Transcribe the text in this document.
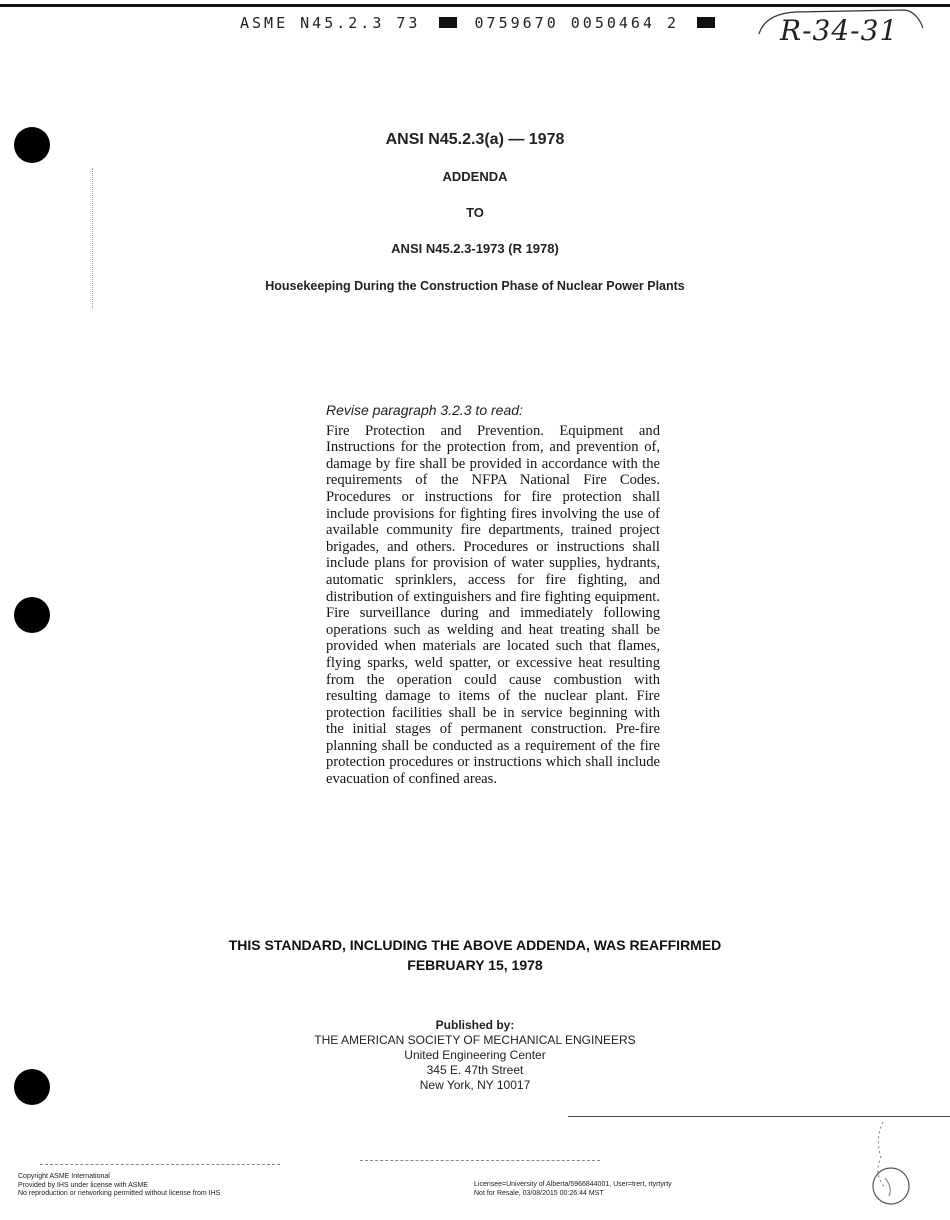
ASME N45.2.3 73	0759670 0050464 2	R-34-31
ANSI N45.2.3(a) — 1978
ADDENDA
TO
ANSI N45.2.3-1973 (R 1978)
Housekeeping During the Construction Phase of Nuclear Power Plants
Revise paragraph 3.2.3 to read:
Fire Protection and Prevention. Equipment and Instructions for the protection from, and prevention of, damage by fire shall be provided in accordance with the requirements of the NFPA National Fire Codes. Procedures or instructions for fire protection shall include provisions for fighting fires involving the use of available community fire departments, trained project brigades, and others. Procedures or instructions shall include plans for provision of water supplies, hydrants, automatic sprinklers, access for fire fighting, and distribution of extinguishers and fire fighting equipment. Fire surveillance during and immediately following operations such as welding and heat treating shall be provided when materials are located such that flames, flying sparks, weld spatter, or excessive heat resulting from the operation could cause combustion with resulting damage to items of the nuclear plant. Fire protection facilities shall be in service beginning with the initial stages of permanent construction. Pre-fire planning shall be conducted as a requirement of the fire protection procedures or instructions which shall include evacuation of confined areas.
THIS STANDARD, INCLUDING THE ABOVE ADDENDA, WAS REAFFIRMED
FEBRUARY 15, 1978
Published by:
THE AMERICAN SOCIETY OF MECHANICAL ENGINEERS
United Engineering Center
345 E. 47th Street
New York, NY 10017
Copyright ASME International
Provided by IHS under license with ASME
No reproduction or networking permitted without license from IHS
Licensee=University of Alberta/5966844001, User=trert, rtyrtyrty
Not for Resale, 03/08/2015 00:26:44 MST
